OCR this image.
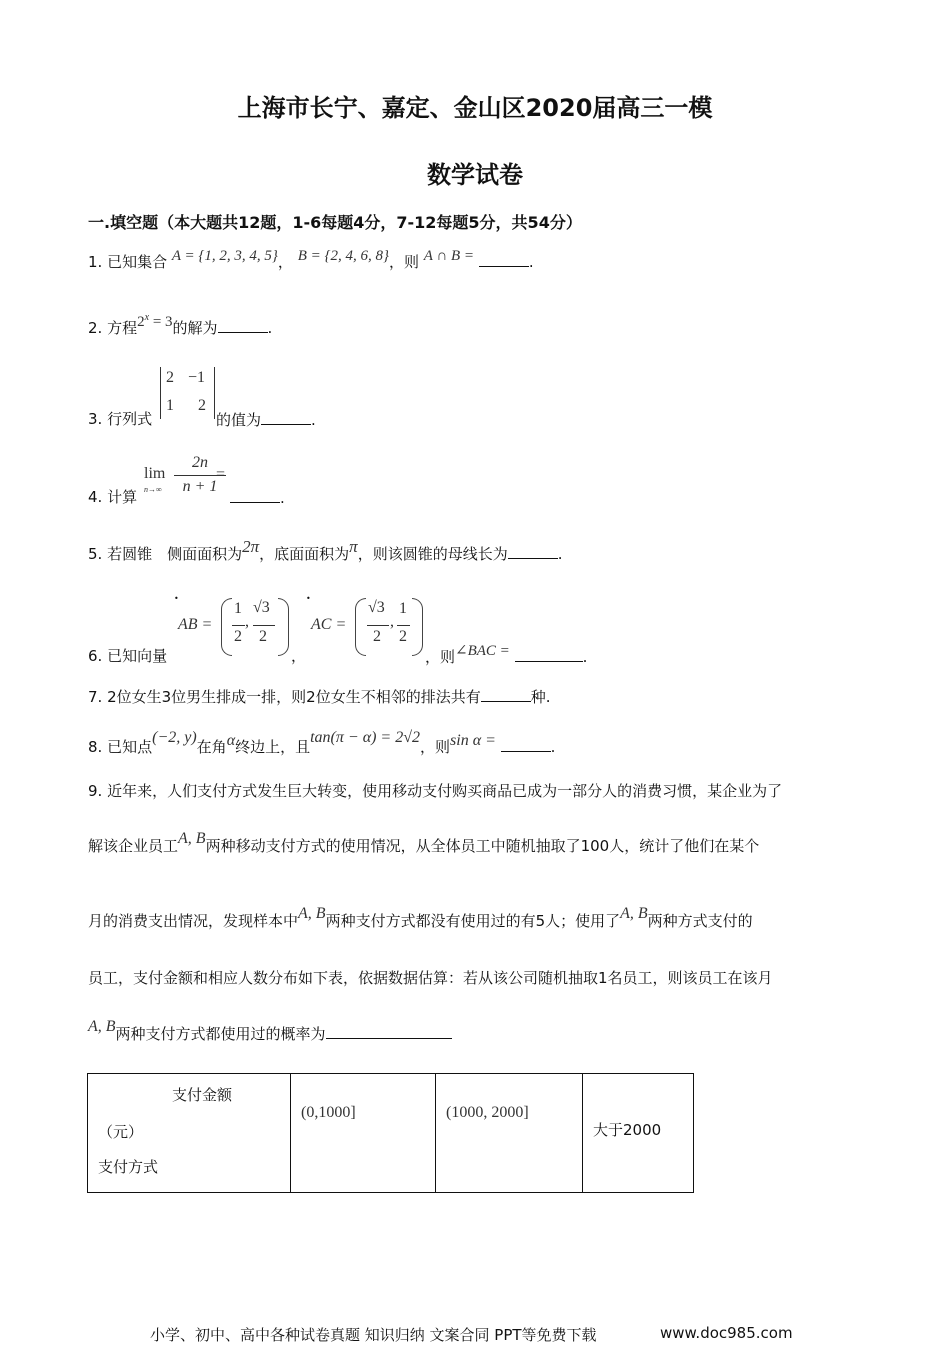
上海市长宁、嘉定、金山区2020届高三一模
数学试卷
一.填空题（本大题共12题，1-6每题4分，7-12每题5分，共54分）
1. 已知集合 A = {1, 2, 3, 4, 5}， B = {2, 4, 6, 8}，则 A ∩ B =	.
2. 方程$2^x = 3$的解为	.
3. 行列式
2 −1
1 2
的值为	.
4. 计算
lim
n→∞
2n
n + 1
=
.
5. 若圆锥　侧面面积为2π，底面面积为π，则该圆锥的母线长为	.
6. 已知向量
•
AB =
1
2
,
√3
2
，
•
AC =
√3
2
,
1
2
，则∠BAC =	.
7. 2位女生3位男生排成一排，则2位女生不相邻的排法共有	种.
8. 已知点(−2, y)在角α终边上，且tan(π − α) = 2√2，则sin α =	.
9. 近年来，人们支付方式发生巨大转变，使用移动支付购买商品已成为一部分人的消费习惯，某企业为了
解该企业员工A, B两种移动支付方式的使用情况，从全体员工中随机抽取了100人，统计了他们在某个
月的消费支出情况，发现样本中A, B两种支付方式都没有使用过的有5人；使用了A, B两种方式支付的
员工，支付金额和相应人数分布如下表，依据数据估算：若从该公司随机抽取1名员工，则该员工在该月
A, B两种支付方式都使用过的概率为
支付金额
（元）
支付方式
	(0,1000]	(1000, 2000]	大于2000
小学、初中、高中各种试卷真题 知识归纳 文案合同 PPT等免费下载	www.doc985.com
